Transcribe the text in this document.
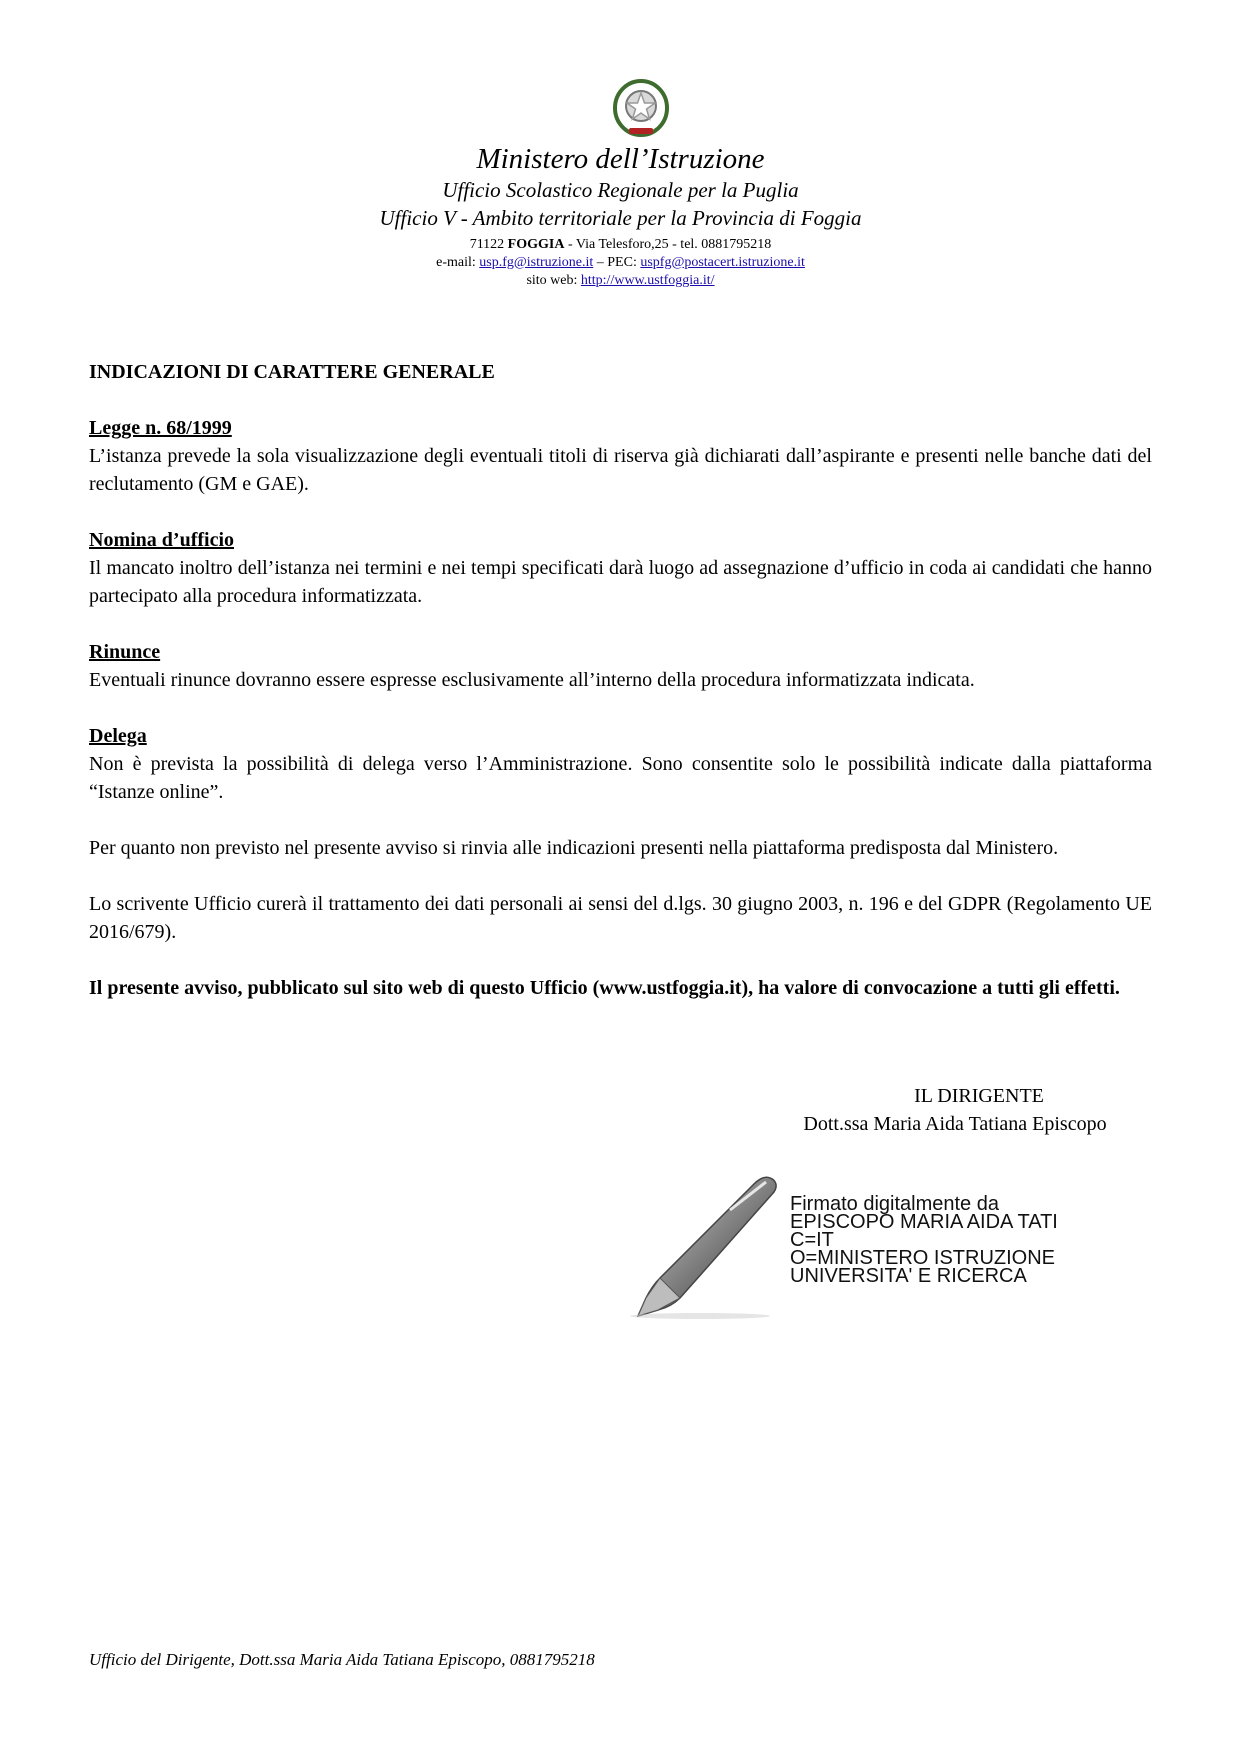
Ministero dell’Istruzione
Ufficio Scolastico Regionale per la Puglia
Ufficio V - Ambito territoriale per la Provincia di Foggia
71122 FOGGIA - Via Telesforo,25 - tel. 0881795218
e-mail: usp.fg@istruzione.it – PEC: uspfg@postacert.istruzione.it
sito web: http://www.ustfoggia.it/
INDICAZIONI DI CARATTERE GENERALE
Legge n. 68/1999
L’istanza prevede la sola visualizzazione degli eventuali titoli di riserva già dichiarati dall’aspirante e presenti nelle banche dati del reclutamento (GM e GAE).
Nomina d’ufficio
Il mancato inoltro dell’istanza nei termini e nei tempi specificati darà luogo ad assegnazione d’ufficio in coda ai candidati che hanno partecipato alla procedura informatizzata.
Rinunce
Eventuali rinunce dovranno essere espresse esclusivamente all’interno della procedura informatizzata indicata.
Delega
Non è prevista la possibilità di delega verso l’Amministrazione. Sono consentite solo le possibilità indicate dalla piattaforma “Istanze online”.
Per quanto non previsto nel presente avviso si rinvia alle indicazioni presenti nella piattaforma predisposta dal Ministero.
Lo scrivente Ufficio curerà il trattamento dei dati personali ai sensi del d.lgs. 30 giugno 2003, n. 196 e del GDPR (Regolamento UE 2016/679).
Il presente avviso, pubblicato sul sito web di questo Ufficio (www.ustfoggia.it), ha valore di convocazione a tutti gli effetti.
IL DIRIGENTE
Dott.ssa Maria Aida Tatiana Episcopo
Firmato digitalmente da
EPISCOPO MARIA AIDA TATI
C=IT
O=MINISTERO ISTRUZIONE
UNIVERSITA' E RICERCA
Ufficio del Dirigente, Dott.ssa Maria Aida Tatiana Episcopo, 0881795218
